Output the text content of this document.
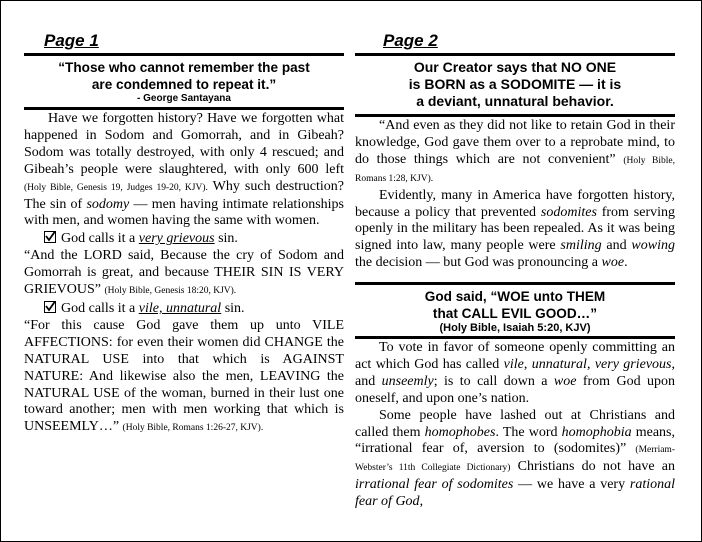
Page 1
“Those who cannot remember the past
are condemned to repeat it.”
- George Santayana

Have we forgotten history? Have we forgotten what happened in Sodom and Gomorrah, and in Gibeah? Sodom was totally destroyed, with only 4 rescued; and Gibeah’s people were slaughtered, with only 600 left (Holy Bible, Genesis 19, Judges 19-20, KJV). Why such destruction? The sin of sodomy — men having intimate relationships with men, and women having the same with women.

God calls it a very grievous sin.

“And the LORD said, Because the cry of Sodom and Gomorrah is great, and because THEIR SIN IS VERY GRIEVOUS” (Holy Bible, Genesis 18:20, KJV).

God calls it a vile, unnatural sin.

“For this cause God gave them up unto VILE AFFECTIONS: for even their women did CHANGE the NATURAL USE into that which is AGAINST NATURE: And likewise also the men, LEAVING the NATURAL USE of the woman, burned in their lust one toward another; men with men working that which is UNSEEMLY…” (Holy Bible, Romans 1:26-27, KJV).

Page 2
Our Creator says that NO ONE
is BORN as a SODOMITE — it is
a deviant, unnatural behavior.

“And even as they did not like to retain God in their knowledge, God gave them over to a reprobate mind, to do those things which are not convenient” (Holy Bible, Romans 1:28, KJV).

Evidently, many in America have forgotten history, because a policy that prevented sodomites from serving openly in the military has been repealed. As it was being signed into law, many people were smiling and wowing the decision — but God was pronouncing a woe.

God said, “WOE unto THEM
that CALL EVIL GOOD…”
(Holy Bible, Isaiah 5:20, KJV)

To vote in favor of someone openly committing an act which God has called vile, unnatural, very grievous, and unseemly; is to call down a woe from God upon oneself, and upon one’s nation.

Some people have lashed out at Christians and called them homophobes. The word homophobia means, “irrational fear of, aversion to (sodomites)” (Merriam-Webster’s 11th Collegiate Dictionary) Christians do not have an irrational fear of sodomites — we have a very rational fear of God,
